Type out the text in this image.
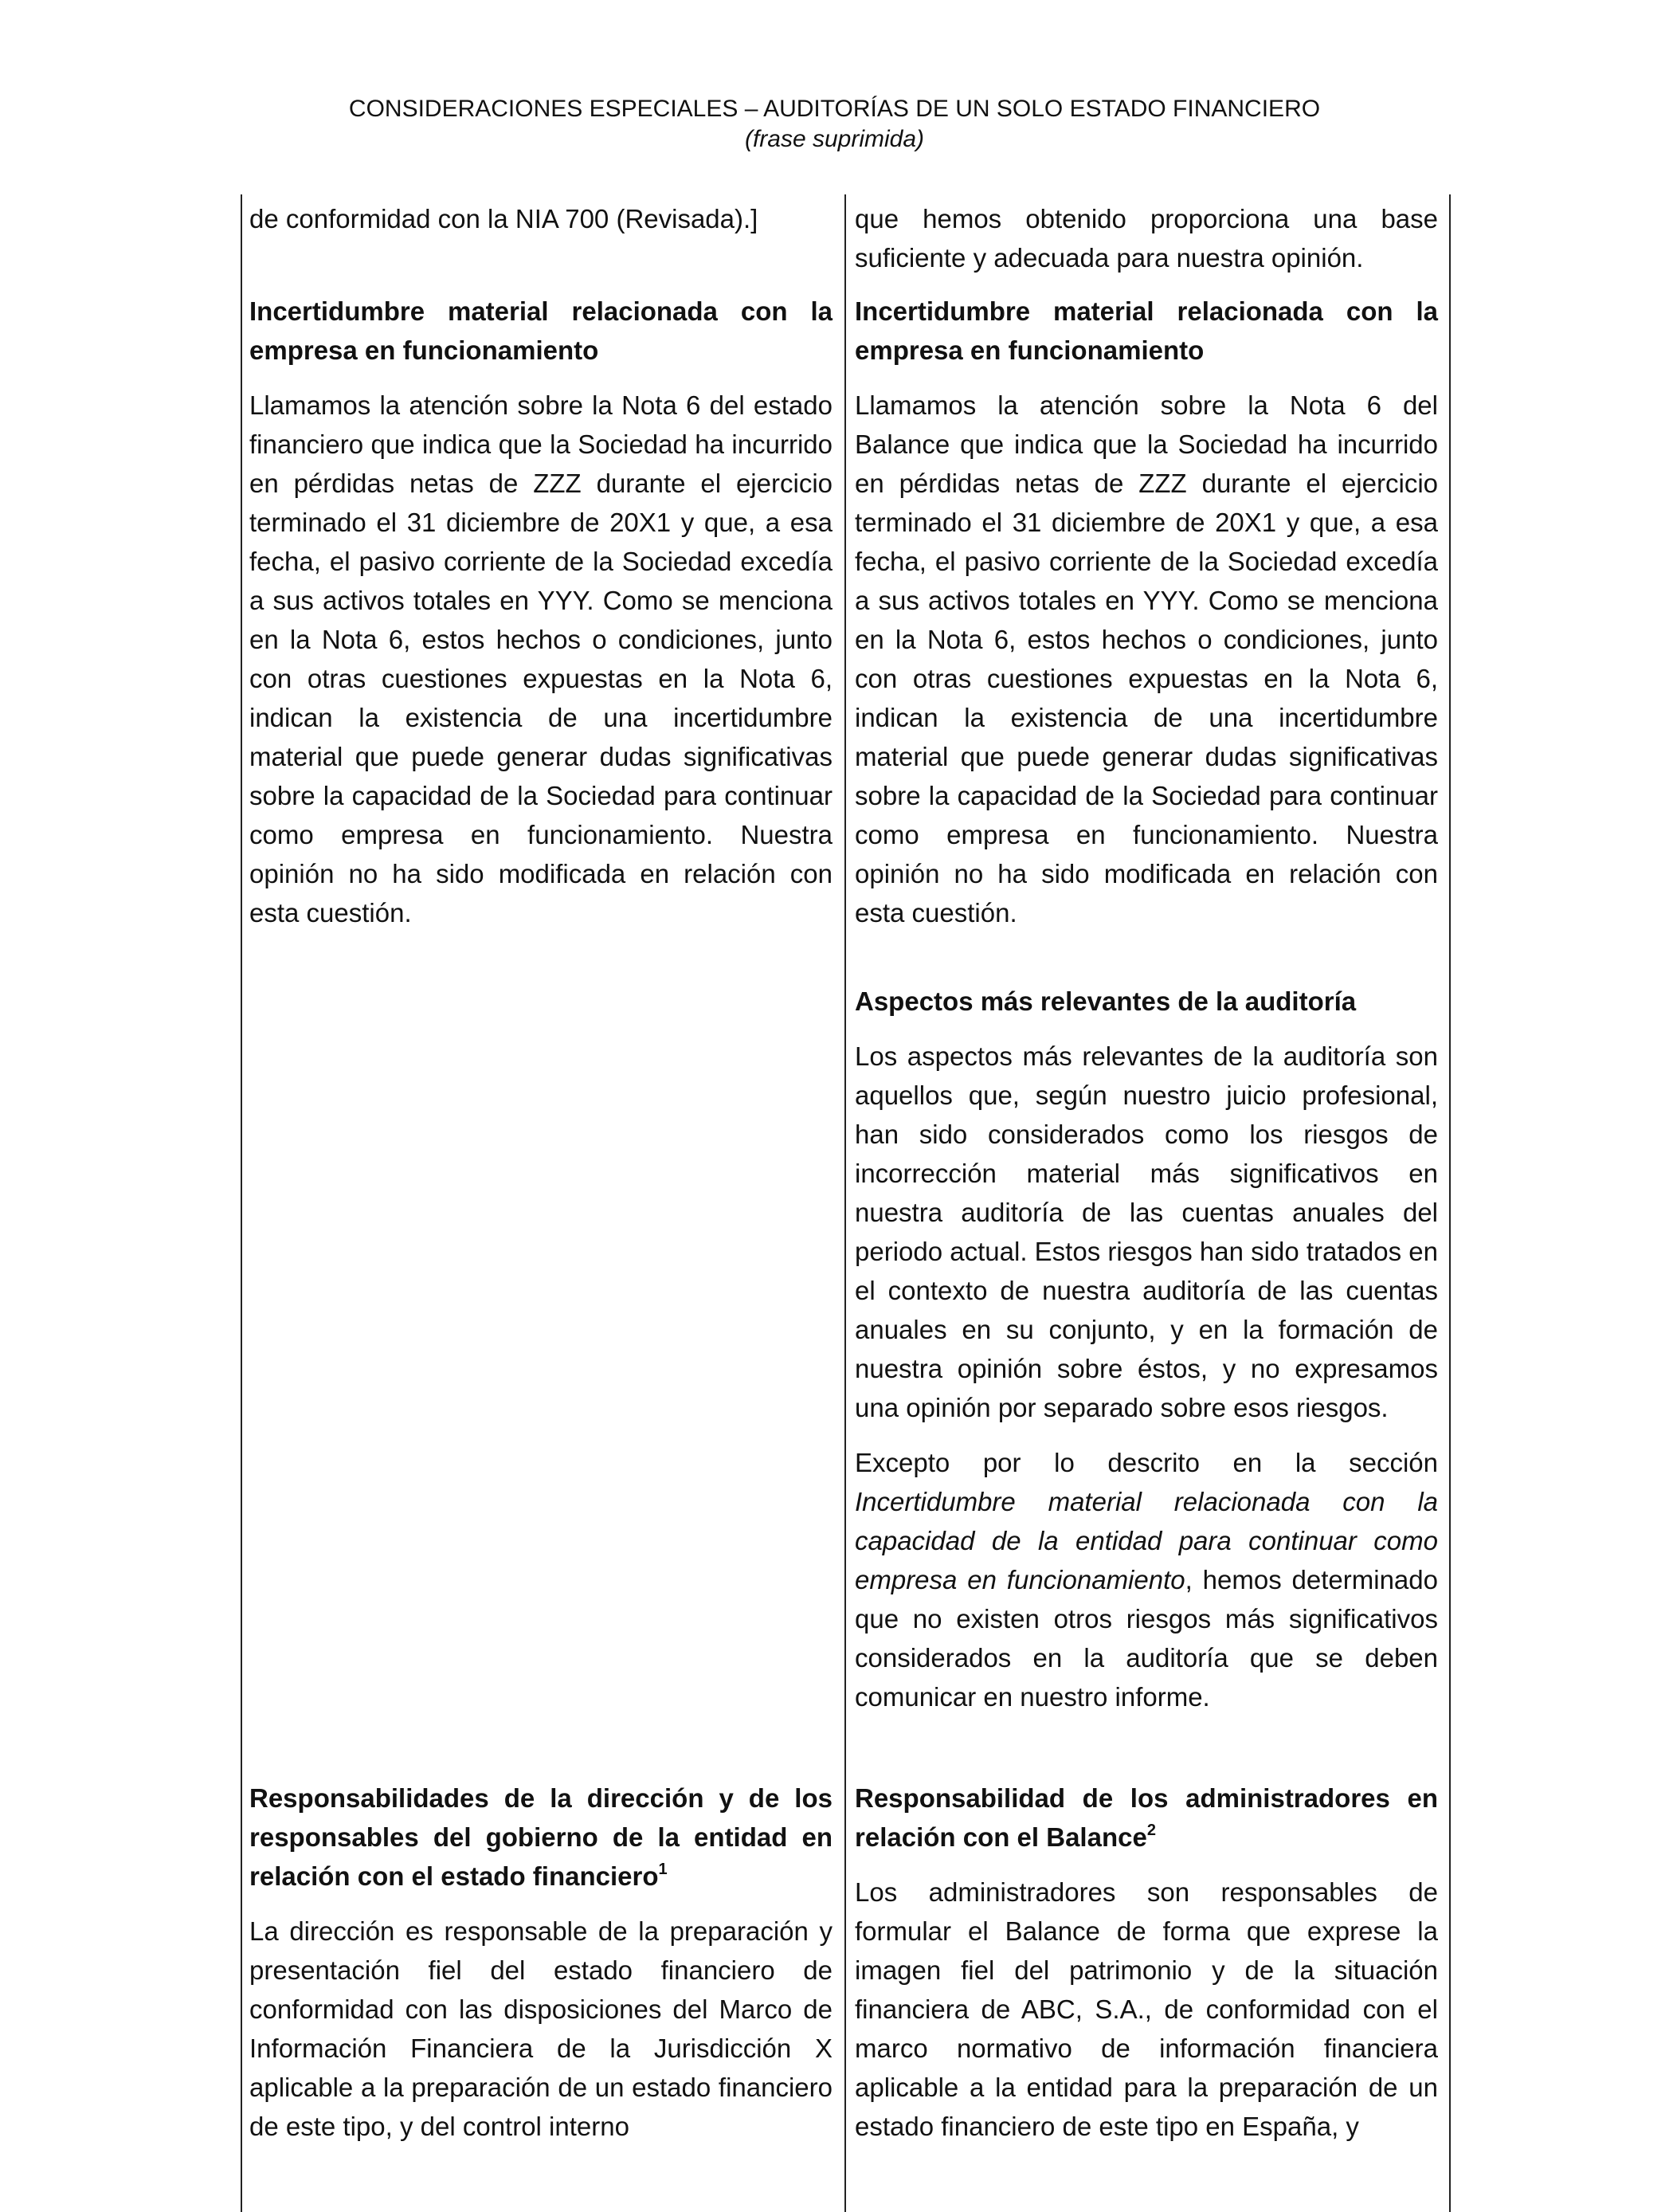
CONSIDERACIONES ESPECIALES – AUDITORÍAS DE UN SOLO ESTADO FINANCIERO
(frase suprimida)

de conformidad con la NIA 700 (Revisada).]

Incertidumbre material relacionada con la empresa en funcionamiento

Llamamos la atención sobre la Nota 6 del estado financiero que indica que la Sociedad ha incurrido en pérdidas netas de ZZZ durante el ejercicio terminado el 31 diciembre de 20X1 y que, a esa fecha, el pasivo corriente de la Sociedad excedía a sus activos totales en YYY. Como se menciona en la Nota 6, estos hechos o condiciones, junto con otras cuestiones expuestas en la Nota 6, indican la existencia de una incertidumbre material que puede generar dudas significativas sobre la capacidad de la Sociedad para continuar como empresa en funcionamiento. Nuestra opinión no ha sido modificada en relación con esta cuestión.

Responsabilidades de la dirección y de los responsables del gobierno de la entidad en relación con el estado financiero$^1$

La dirección es responsable de la preparación y presentación fiel del estado financiero de conformidad con las disposiciones del Marco de Información Financiera de la Jurisdicción X aplicable a la preparación de un estado financiero de este tipo, y del control interno

que hemos obtenido proporciona una base suficiente y adecuada para nuestra opinión.

Incertidumbre material relacionada con la empresa en funcionamiento

Llamamos la atención sobre la Nota 6 del Balance que indica que la Sociedad ha incurrido en pérdidas netas de ZZZ durante el ejercicio terminado el 31 diciembre de 20X1 y que, a esa fecha, el pasivo corriente de la Sociedad excedía a sus activos totales en YYY. Como se menciona en la Nota 6, estos hechos o condiciones, junto con otras cuestiones expuestas en la Nota 6, indican la existencia de una incertidumbre material que puede generar dudas significativas sobre la capacidad de la Sociedad para continuar como empresa en funcionamiento. Nuestra opinión no ha sido modificada en relación con esta cuestión.

Aspectos más relevantes de la auditoría

Los aspectos más relevantes de la auditoría son aquellos que, según nuestro juicio profesional, han sido considerados como los riesgos de incorrección material más significativos en nuestra auditoría de las cuentas anuales del periodo actual. Estos riesgos han sido tratados en el contexto de nuestra auditoría de las cuentas anuales en su conjunto, y en la formación de nuestra opinión sobre éstos, y no expresamos una opinión por separado sobre esos riesgos.

Excepto por lo descrito en la sección Incertidumbre material relacionada con la capacidad de la entidad para continuar como empresa en funcionamiento, hemos determinado que no existen otros riesgos más significativos considerados en la auditoría que se deben comunicar en nuestro informe.

Responsabilidad de los administradores en relación con el Balance$^2$

Los administradores son responsables de formular el Balance de forma que exprese la imagen fiel del patrimonio y de la situación financiera de ABC, S.A., de conformidad con el marco normativo de información financiera aplicable a la entidad para la preparación de un estado financiero de este tipo en España, y
